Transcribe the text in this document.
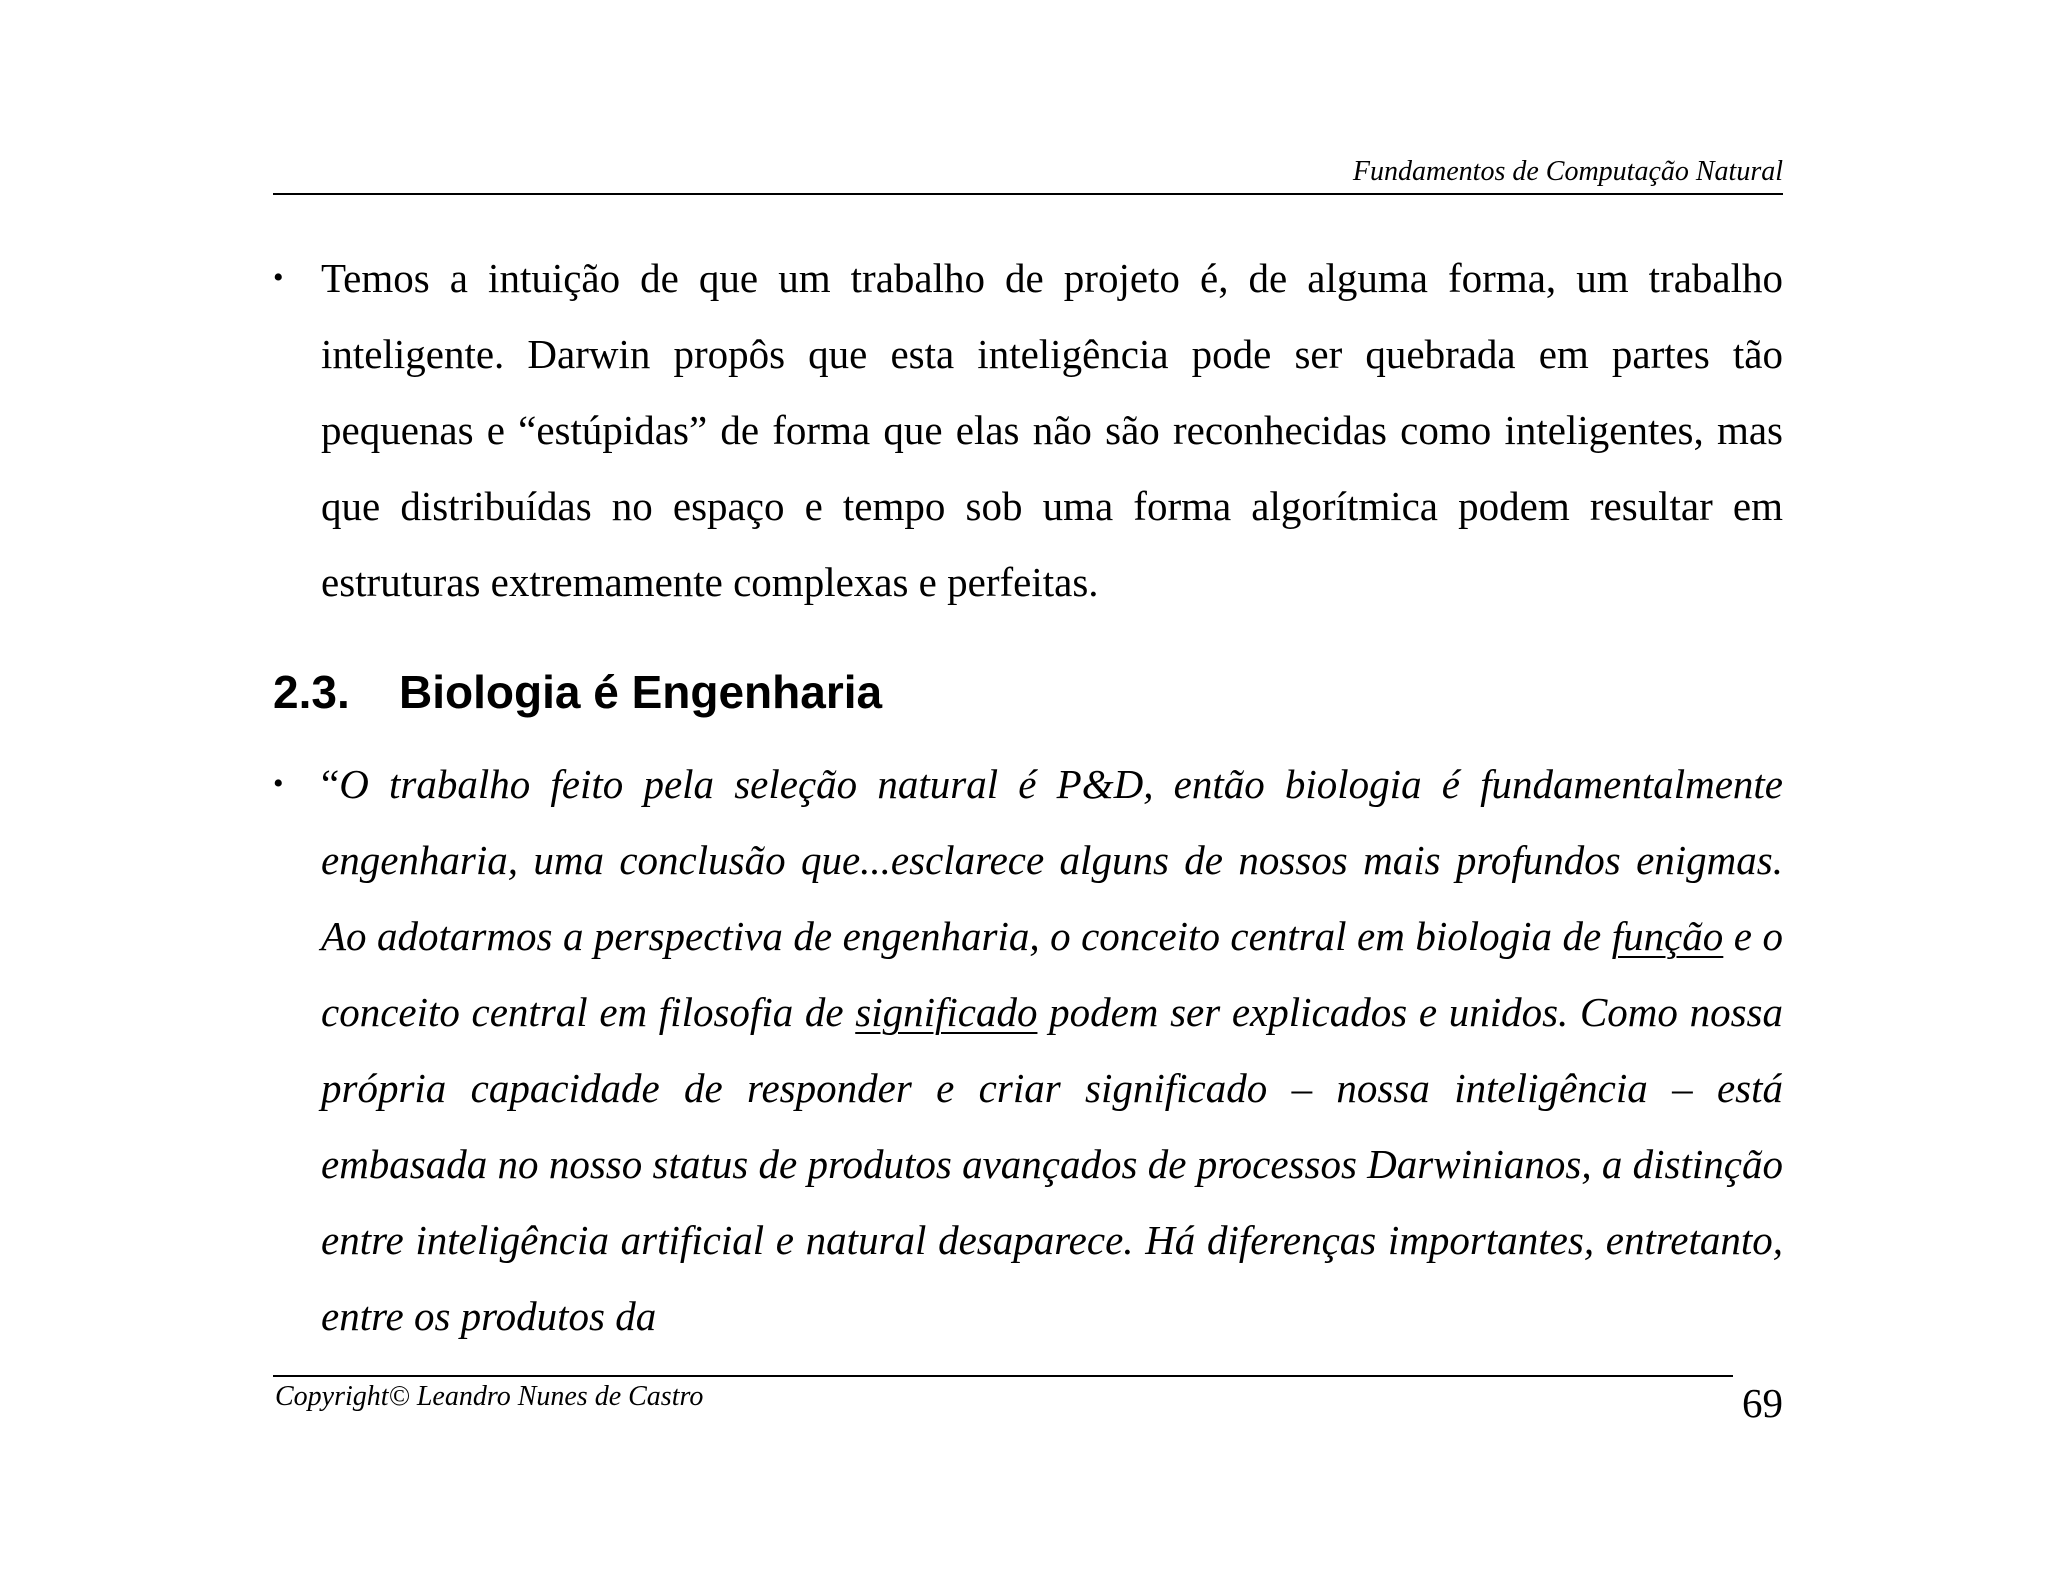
Fundamentos de Computação Natural
• Temos a intuição de que um trabalho de projeto é, de alguma forma, um trabalho inteligente. Darwin propôs que esta inteligência pode ser quebrada em partes tão pequenas e “estúpidas” de forma que elas não são reconhecidas como inteligentes, mas que distribuídas no espaço e tempo sob uma forma algorítmica podem resultar em estruturas extremamente complexas e perfeitas.
2.3. Biologia é Engenharia
• “O trabalho feito pela seleção natural é P&D, então biologia é fundamentalmente engenharia, uma conclusão que...esclarece alguns de nossos mais profundos enigmas. Ao adotarmos a perspectiva de engenharia, o conceito central em biologia de função e o conceito central em filosofia de significado podem ser explicados e unidos. Como nossa própria capacidade de responder e criar significado – nossa inteligência – está embasada no nosso status de produtos avançados de processos Darwinianos, a distinção entre inteligência artificial e natural desaparece. Há diferenças importantes, entretanto, entre os produtos da
Copyright© Leandro Nunes de Castro	69
